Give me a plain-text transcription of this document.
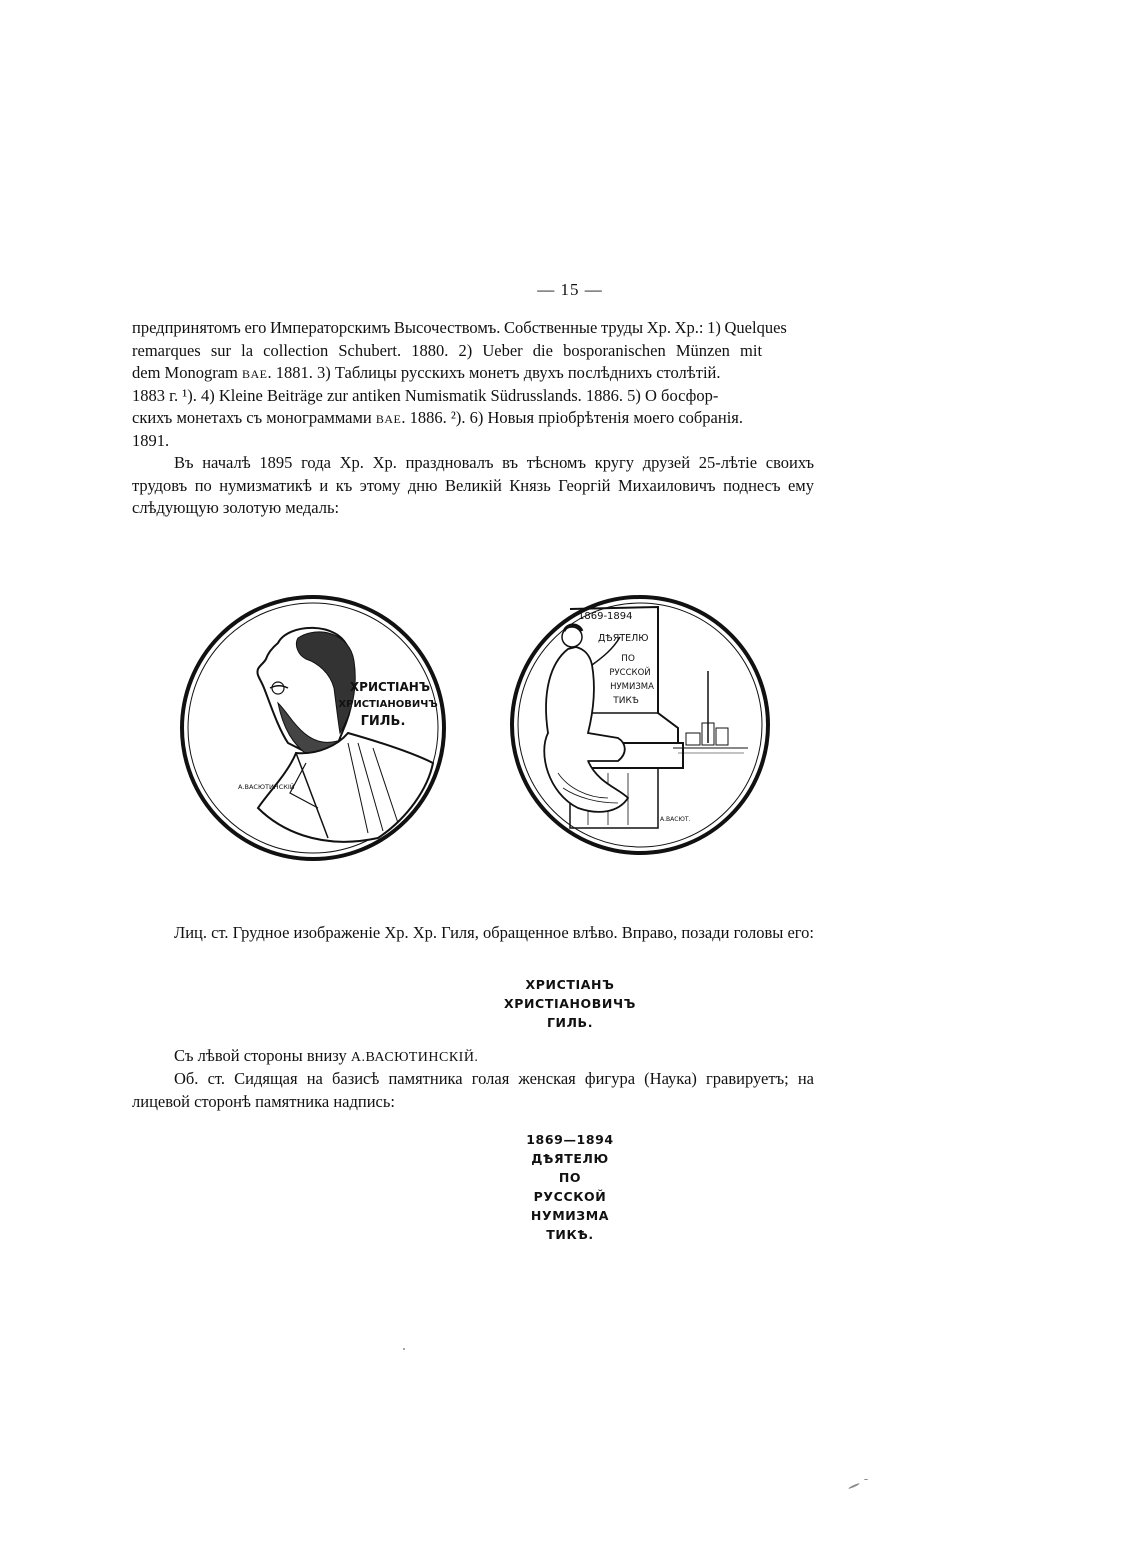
— 15 —
предпринятомъ его Императорскимъ Высочествомъ. Собственные труды Хр. Хр.: 1) Quelques
remarques sur la collection Schubert. 1880. 2) Ueber die bosporanischen Münzen mit
dem Monogram bae. 1881. 3) Таблицы русскихъ монетъ двухъ послѣднихъ столѣтій.
1883 г. ¹). 4) Kleine Beiträge zur antiken Numismatik Südrusslands. 1886. 5) О босфор-
скихъ монетахъ съ монограммами bae. 1886. ²). 6) Новыя пріобрѣтенія моего собранія.
1891.

Въ началѣ 1895 года Хр. Хр. праздновалъ въ тѣсномъ кругу друзей 25-лѣтіе своихъ трудовъ по нумизматикѣ и къ этому дню Великій Князь Георгій Михаиловичъ поднесъ ему слѣдующую золотую медаль:

ХРИСТІАНЪ
ХРИСТІАНОВИЧЪ
ГИЛЬ.
А.ВАСЮТИНСКІЙ
1869-1894
ДѢЯТЕЛЮ
ПО
РУССКОЙ
НУМИЗМА
ТИКѢ
А.ВАСЮТ.

Лиц. ст. Грудное изображеніе Хр. Хр. Гиля, обращенное влѣво. Вправо, позади головы его:

ХРИСТІАНЪ
ХРИСТІАНОВИЧЪ
ГИЛЬ.

Съ лѣвой стороны внизу А.ВАСЮТИНСКІЙ.

Об. ст. Сидящая на базисѣ памятника голая женская фигура (Наука) гравируетъ; на лицевой сторонѣ памятника надпись:

1869—1894
ДѢЯТЕЛЮ
ПО
РУССКОЙ
НУМИЗМА
ТИКѢ.
